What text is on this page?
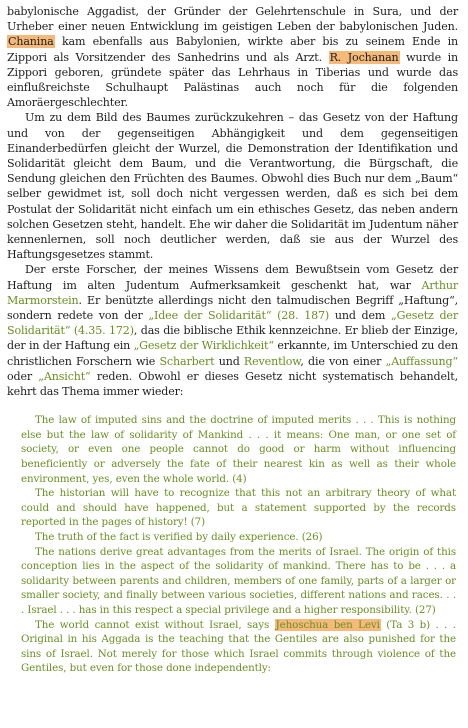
babylonische Aggadist, der Gründer der Gelehrtenschule in Sura, und der Urheber einer neuen Entwicklung im geistigen Leben der babylonischen Juden. Chanina kam ebenfalls aus Babylonien, wirkte aber bis zu seinem Ende in Zippori als Vorsitzender des Sanhedrins und als Arzt. R. Jochanan wurde in Zippori geboren, gründete später das Lehrhaus in Tiberias und wurde das einflußreichste Schulhaupt Palästinas auch noch für die folgenden Amoräergeschlechter.

Um zu dem Bild des Baumes zurückzukehren – das Gesetz von der Haftung und von der gegenseitigen Abhängigkeit und dem gegenseitigen Einanderbedürfen gleicht der Wurzel, die Demonstration der Identifikation und Solidarität gleicht dem Baum, und die Verantwortung, die Bürgschaft, die Sendung gleichen den Früchten des Baumes. Obwohl dies Buch nur dem „Baum“ selber gewidmet ist, soll doch nicht vergessen werden, daß es sich bei dem Postulat der Solidarität nicht einfach um ein ethisches Gesetz, das neben andern solchen Gesetzen steht, handelt. Ehe wir daher die Solidarität im Judentum näher kennenlernen, soll noch deutlicher werden, daß sie aus der Wurzel des Haftungsgesetzes stammt.

Der erste Forscher, der meines Wissens dem Bewußtsein vom Gesetz der Haftung im alten Judentum Aufmerksamkeit geschenkt hat, war Arthur Marmorstein. Er benützte allerdings nicht den talmudischen Begriff „Haftung“, sondern redete von der „Idee der Solidarität“ (28. 187) und dem „Gesetz der Solidarität“ (4.35. 172), das die biblische Ethik kennzeichne. Er blieb der Einzige, der in der Haftung ein „Gesetz der Wirklichkeit“ erkannte, im Unterschied zu den christlichen Forschern wie Scharbert und Reventlow, die von einer „Auffassung“ oder „Ansicht“ reden. Obwohl er dieses Gesetz nicht systematisch behandelt, kehrt das Thema immer wieder:

The law of imputed sins and the doctrine of imputed merits . . . This is nothing else but the law of solidarity of Mankind . . . it means: One man, or one set of society, or even one people cannot do good or harm without influencing beneficiently or adversely the fate of their nearest kin as well as their whole environment, yes, even the whole world. (4)

The historian will have to recognize that this not an arbitrary theory of what could and should have happened, but a statement supported by the records reported in the pages of history! (7)

The truth of the fact is verified by daily experience. (26)

The nations derive great advantages from the merits of Israel. The origin of this conception lies in the aspect of the solidarity of mankind. There has to be . . . a solidarity between parents and children, members of one family, parts of a larger or smaller society, and finally between various societies, different nations and races. . . . Israel . . . has in this respect a special privilege and a higher responsibility. (27)

The world cannot exist without Israel, says Jehoschua ben Levi (Ta 3 b) . . . Original in his Aggada is the teaching that the Gentiles are also punished for the sins of Israel. Not merely for those which Israel commits through violence of the Gentiles, but even for those done independently:
